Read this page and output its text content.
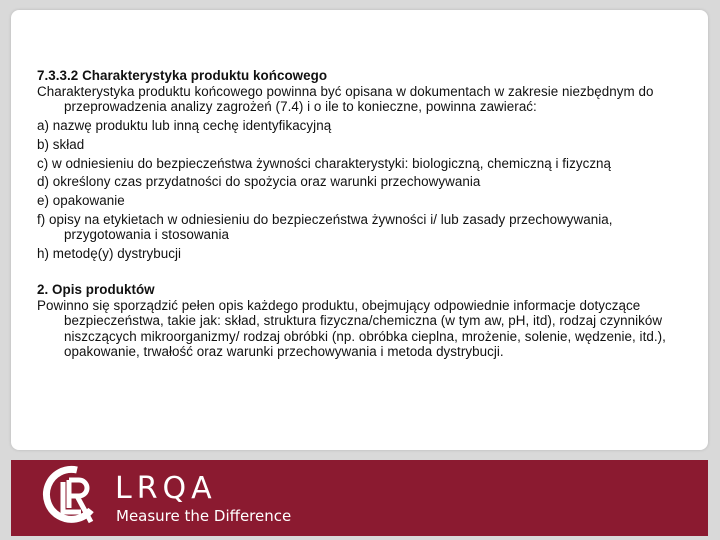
7.3.3.2 Charakterystyka produktu końcowego

Charakterystyka produktu końcowego powinna być opisana w dokumentach w zakresie niezbędnym do przeprowadzenia analizy zagrożeń (7.4) i o ile to konieczne, powinna zawierać:

a) nazwę produktu lub inną cechę identyfikacyjną

b) skład

c) w odniesieniu do bezpieczeństwa żywności charakterystyki: biologiczną, chemiczną i fizyczną

d) określony czas przydatności do spożycia oraz warunki przechowywania

e) opakowanie

f) opisy na etykietach w odniesieniu do bezpieczeństwa żywności i/ lub zasady przechowywania, przygotowania i stosowania

h) metodę(y) dystrybucji

2. Opis produktów

Powinno się sporządzić pełen opis każdego produktu, obejmujący odpowiednie informacje dotyczące bezpieczeństwa, takie jak: skład, struktura fizyczna/chemiczna (w tym aw, pH, itd), rodzaj czynników niszczących mikroorganizmy/ rodzaj obróbki (np. obróbka cieplna, mrożenie, solenie, wędzenie, itd.), opakowanie, trwałość oraz warunki przechowywania i metoda dystrybucji.

LRQA
Measure the Difference
